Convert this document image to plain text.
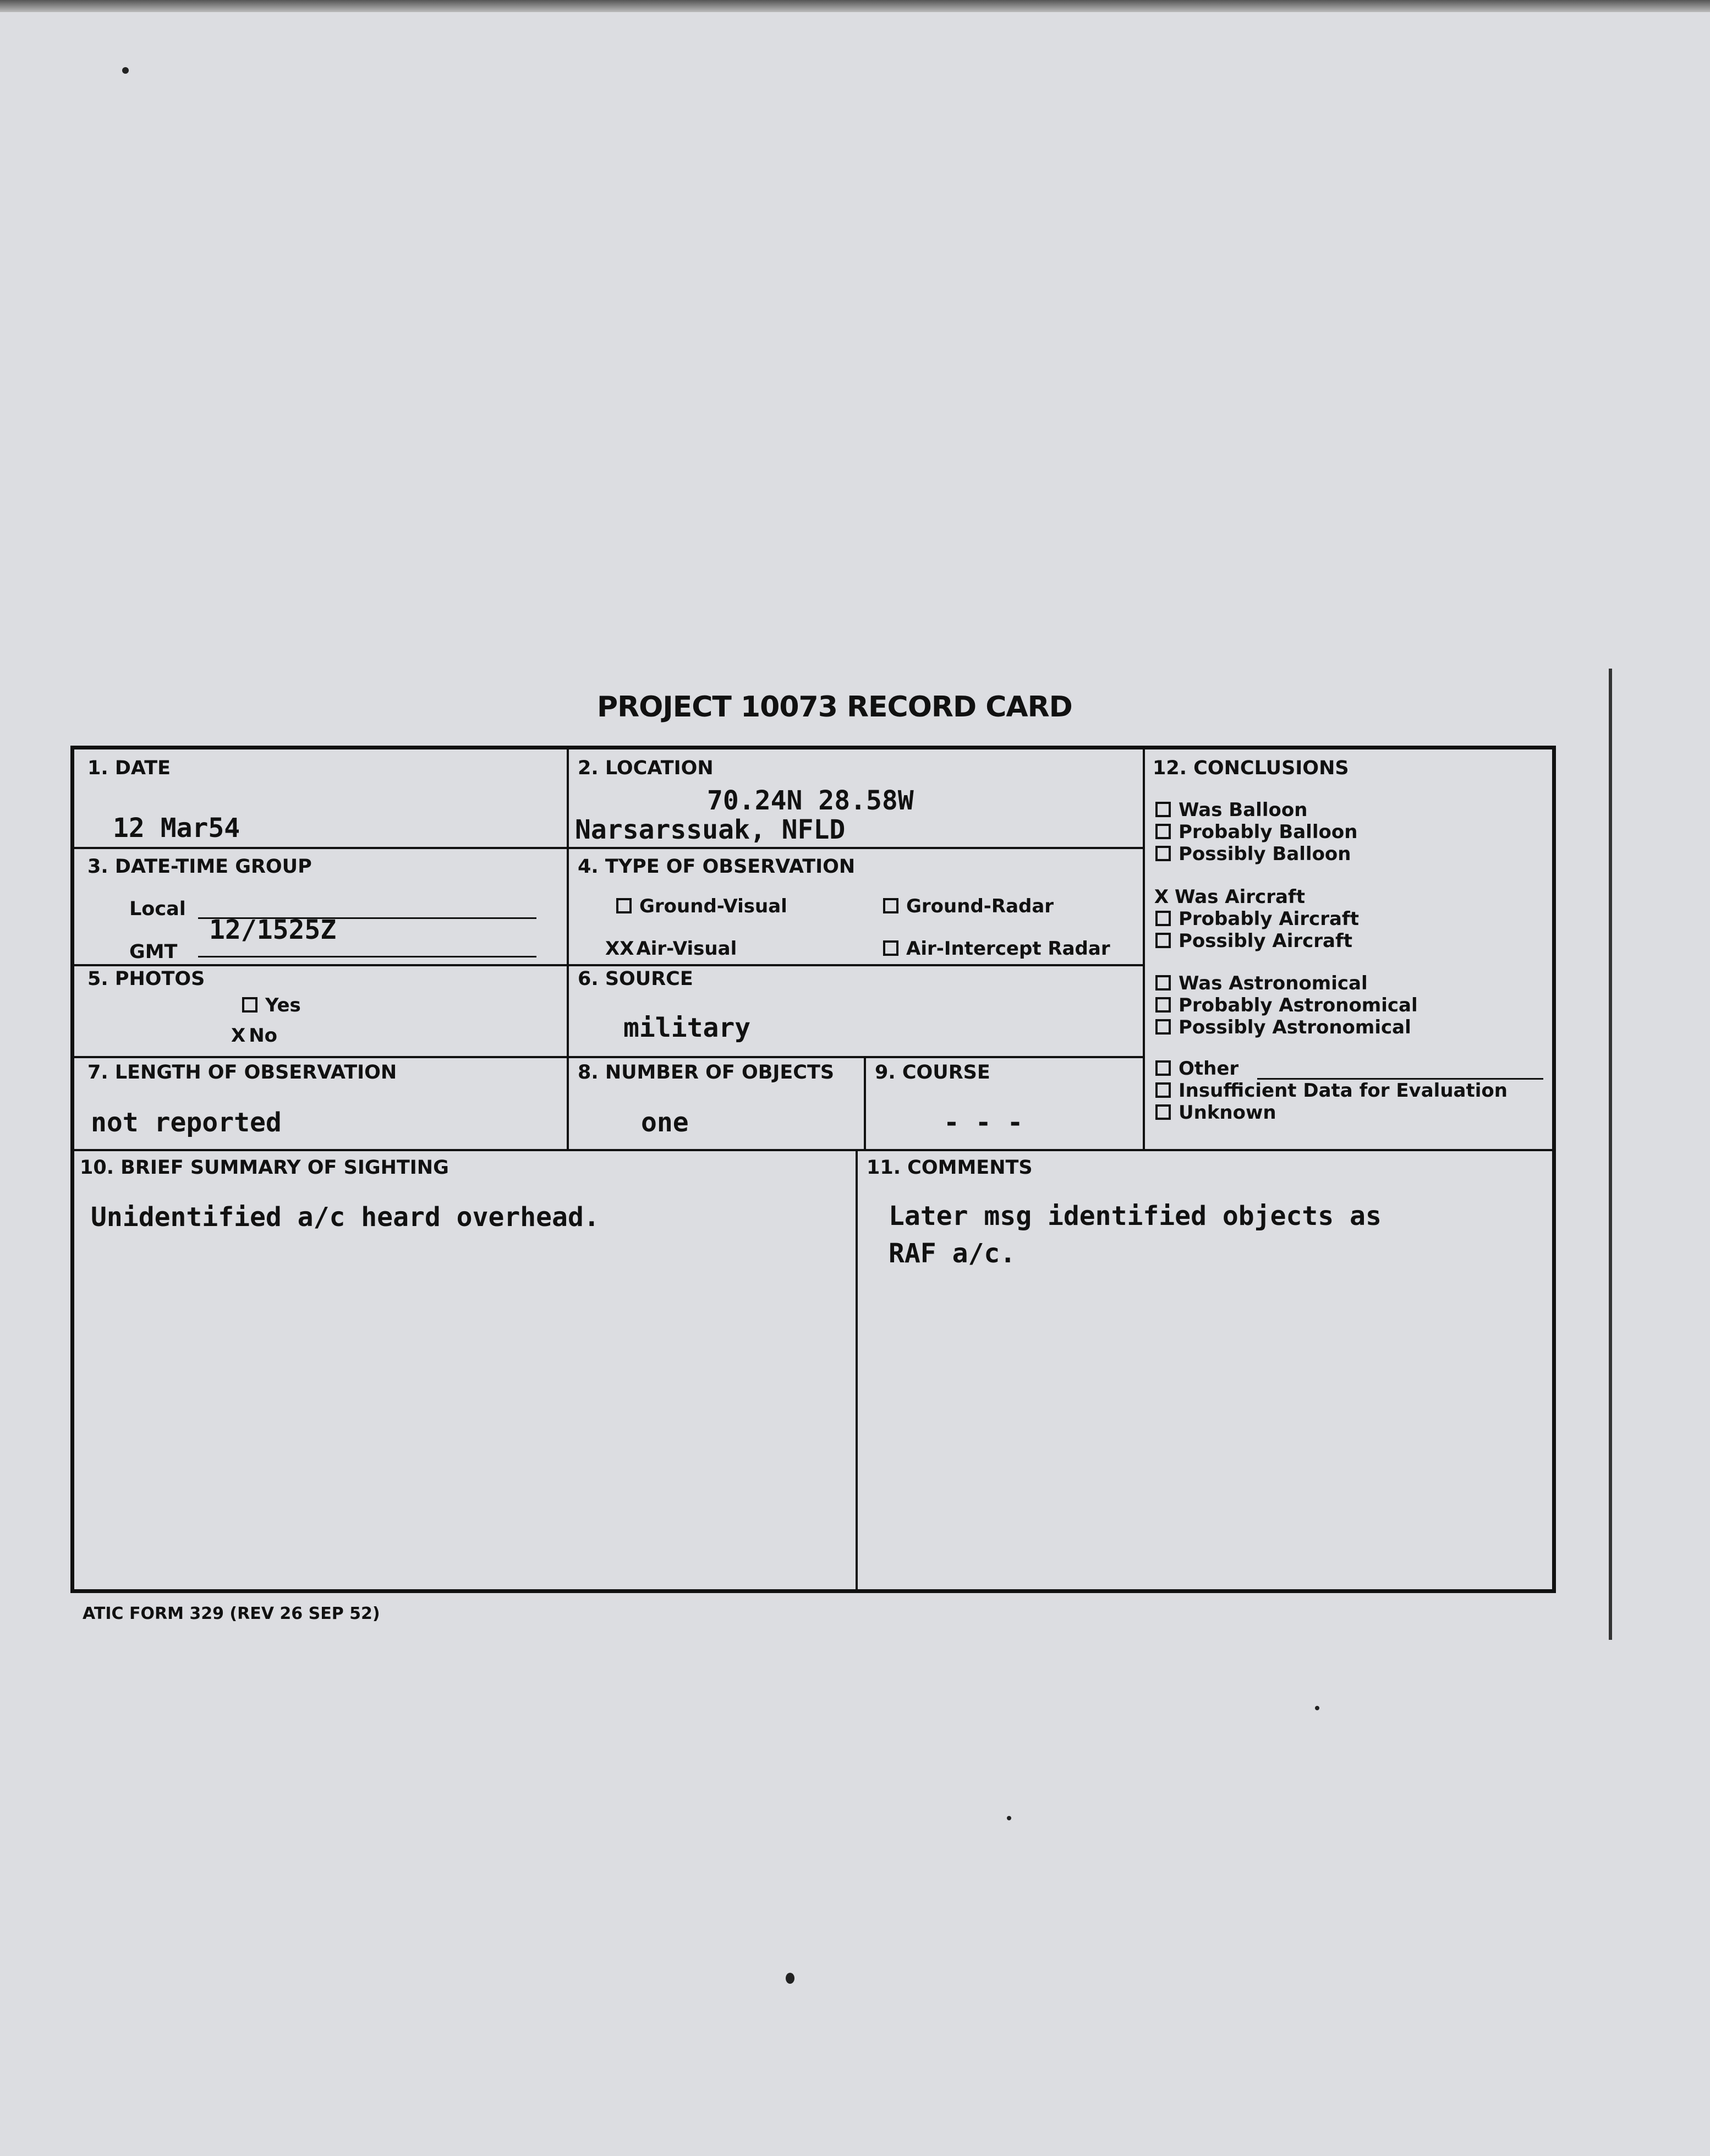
PROJECT 10073 RECORD CARD
1. DATE
12 Mar54
2. LOCATION
70.24N 28.58W
Narsarssuak, NFLD
3. DATE-TIME GROUP
Local
GMT
12/1525Z
4. TYPE OF OBSERVATION
Ground-Visual	Ground-Radar
XX Air-Visual	Air-Intercept Radar
5. PHOTOS
Yes
X No
6. SOURCE
military
7. LENGTH OF OBSERVATION
not reported
8. NUMBER OF OBJECTS
one
9. COURSE
- - -
10. BRIEF SUMMARY OF SIGHTING
Unidentified a/c heard overhead.
11. COMMENTS
Later msg identified objects as
RAF a/c.
12. CONCLUSIONS
Was Balloon
Probably Balloon
Possibly Balloon
X Was Aircraft
Probably Aircraft
Possibly Aircraft
Was Astronomical
Probably Astronomical
Possibly Astronomical
Other
Insufficient Data for Evaluation
Unknown
ATIC FORM 329 (REV 26 SEP 52)
